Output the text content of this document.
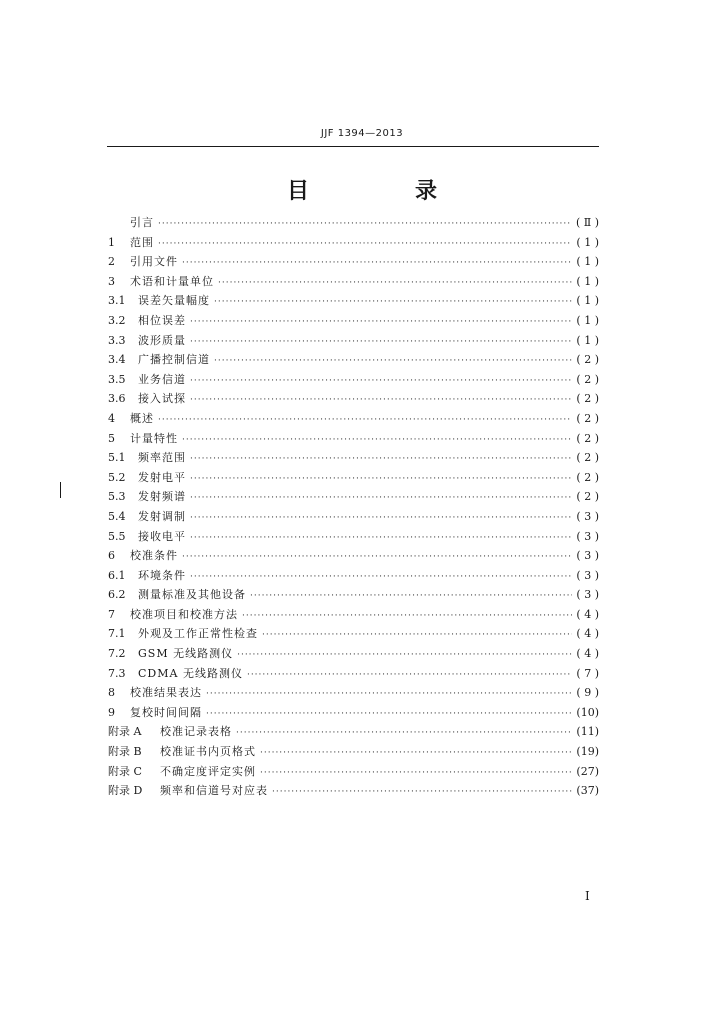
JJF 1394—2013
目　录
引言 ·····	( Ⅱ )
1	范围 ·····	( 1 )
2	引用文件 ·····	( 1 )
3	术语和计量单位 ·····	( 1 )
3.1	误差矢量幅度 ·····	( 1 )
3.2	相位误差 ·····	( 1 )
3.3	波形质量 ·····	( 1 )
3.4	广播控制信道 ·····	( 2 )
3.5	业务信道 ·····	( 2 )
3.6	接入试探 ·····	( 2 )
4	概述 ·····	( 2 )
5	计量特性 ·····	( 2 )
5.1	频率范围 ·····	( 2 )
5.2	发射电平 ·····	( 2 )
5.3	发射频谱 ·····	( 2 )
5.4	发射调制 ·····	( 3 )
5.5	接收电平 ·····	( 3 )
6	校准条件 ·····	( 3 )
6.1	环境条件 ·····	( 3 )
6.2	测量标准及其他设备 ·····	( 3 )
7	校准项目和校准方法 ·····	( 4 )
7.1	外观及工作正常性检查 ·····	( 4 )
7.2	GSM 无线路测仪 ·····	( 4 )
7.3	CDMA 无线路测仪 ·····	( 7 )
8	校准结果表达 ·····	( 9 )
9	复校时间间隔 ·····	(10)
附录 A	校准记录表格 ·····	(11)
附录 B	校准证书内页格式 ·····	(19)
附录 C	不确定度评定实例 ·····	(27)
附录 D	频率和信道号对应表 ·····	(37)
I
